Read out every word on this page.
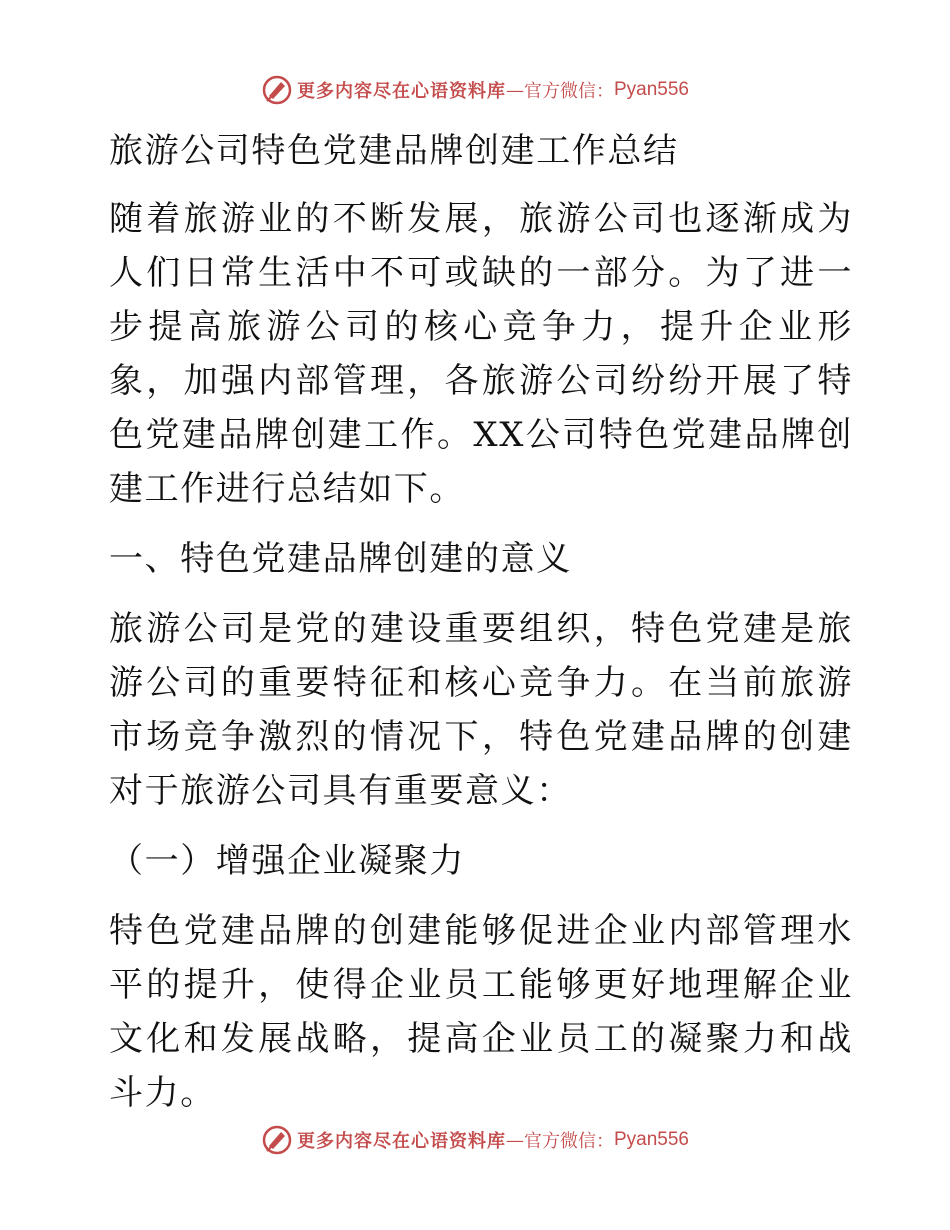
更多内容尽在心语资料库 — 官方微信： Pyan556

旅游公司特色党建品牌创建工作总结

随着旅游业的不断发展，旅游公司也逐渐成为人们日常生活中不可或缺的一部分。为了进一步提高旅游公司的核心竞争力，提升企业形象，加强内部管理，各旅游公司纷纷开展了特色党建品牌创建工作。XX公司特色党建品牌创建工作进行总结如下。

一、特色党建品牌创建的意义

旅游公司是党的建设重要组织，特色党建是旅游公司的重要特征和核心竞争力。在当前旅游市场竞争激烈的情况下，特色党建品牌的创建对于旅游公司具有重要意义：

（一）增强企业凝聚力

特色党建品牌的创建能够促进企业内部管理水平的提升，使得企业员工能够更好地理解企业文化和发展战略，提高企业员工的凝聚力和战斗力。

更多内容尽在心语资料库 — 官方微信： Pyan556
